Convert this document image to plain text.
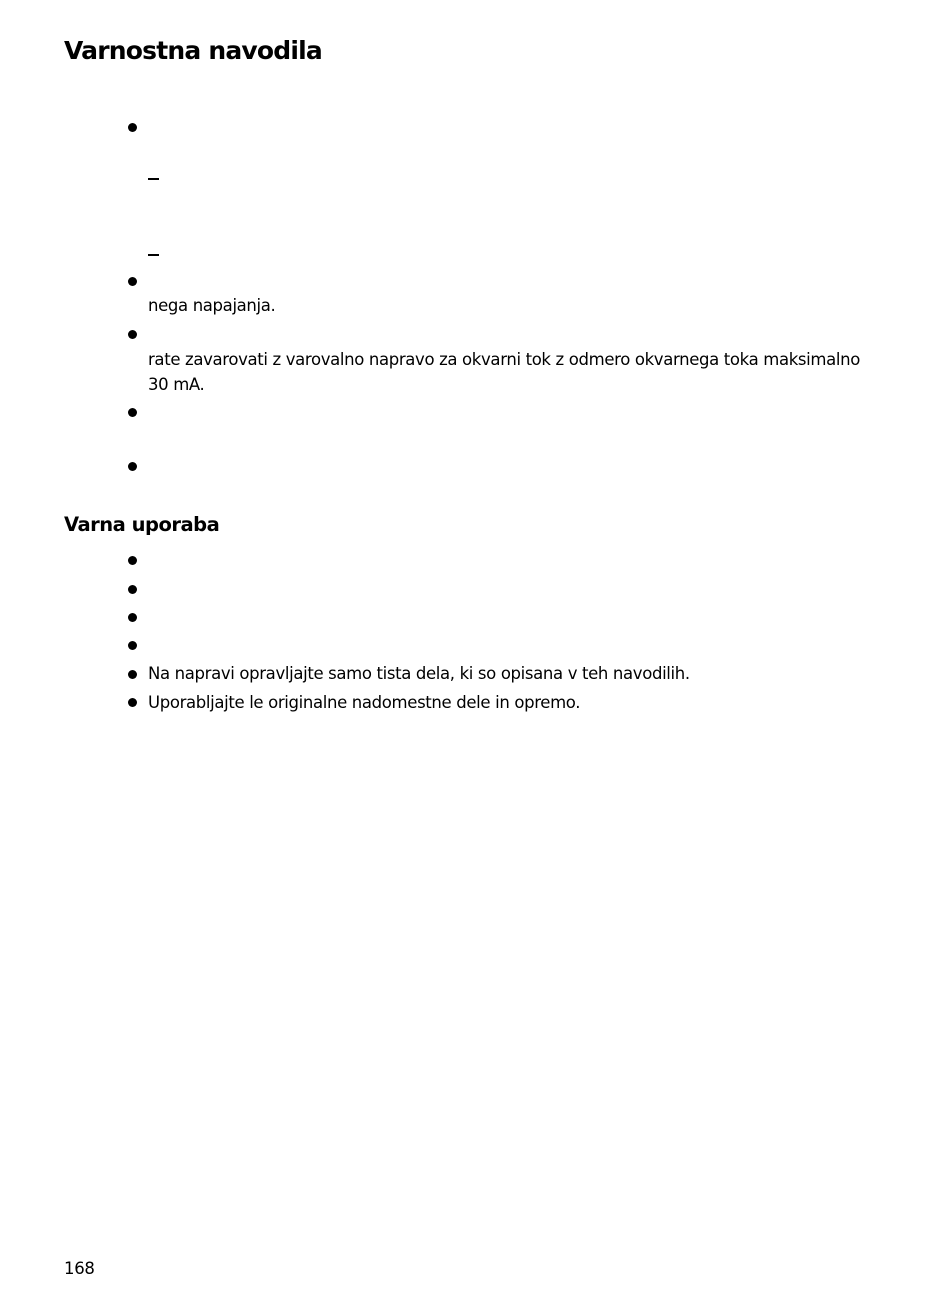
Varnostna navodila

nega napajanja.

rate zavarovati z varovalno napravo za okvarni tok z odmero okvarnega toka maksimalno

30 mA.

Varna uporaba

Na napravi opravljajte samo tista dela, ki so opisana v teh navodilih.

Uporabljajte le originalne nadomestne dele in opremo.

168
